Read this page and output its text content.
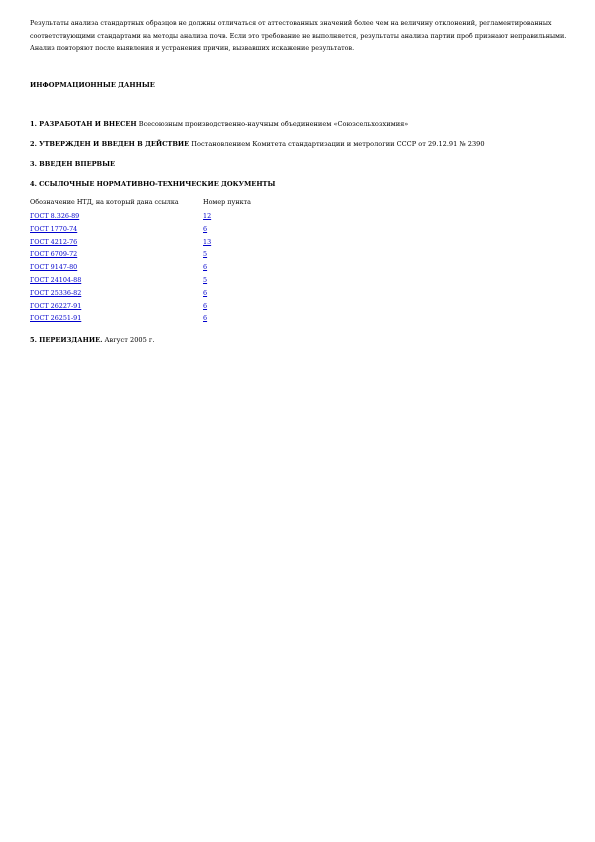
Результаты анализа стандартных образцов не должны отличаться от аттестованных значений более чем на величину отклонений, регламентированных соответствующими стандартами на методы анализа почв. Если это требование не выполняется, результаты анализа партии проб признают неправильными. Анализ повторяют после выявления и устранения причин, вызвавших искажение результатов.
ИНФОРМАЦИОННЫЕ ДАННЫЕ
1. РАЗРАБОТАН И ВНЕСЕН Всесоюзным производственно-научным объединением «Союзсельхозхимия»
2. УТВЕРЖДЕН И ВВЕДЕН В ДЕЙСТВИЕ Постановлением Комитета стандартизации и метрологии СССР от 29.12.91 № 2390
3. ВВЕДЕН ВПЕРВЫЕ
4. ССЫЛОЧНЫЕ НОРМАТИВНО-ТЕХНИЧЕСКИЕ ДОКУМЕНТЫ
Обозначение НТД, на который дана ссылка	Номер пункта
ГОСТ 8.326-89	12
ГОСТ 1770-74	6
ГОСТ 4212-76	13
ГОСТ 6709-72	5
ГОСТ 9147-80	6
ГОСТ 24104-88	5
ГОСТ 25336-82	6
ГОСТ 26227-91	6
ГОСТ 26251-91	6
5. ПЕРЕИЗДАНИЕ. Август 2005 г.
